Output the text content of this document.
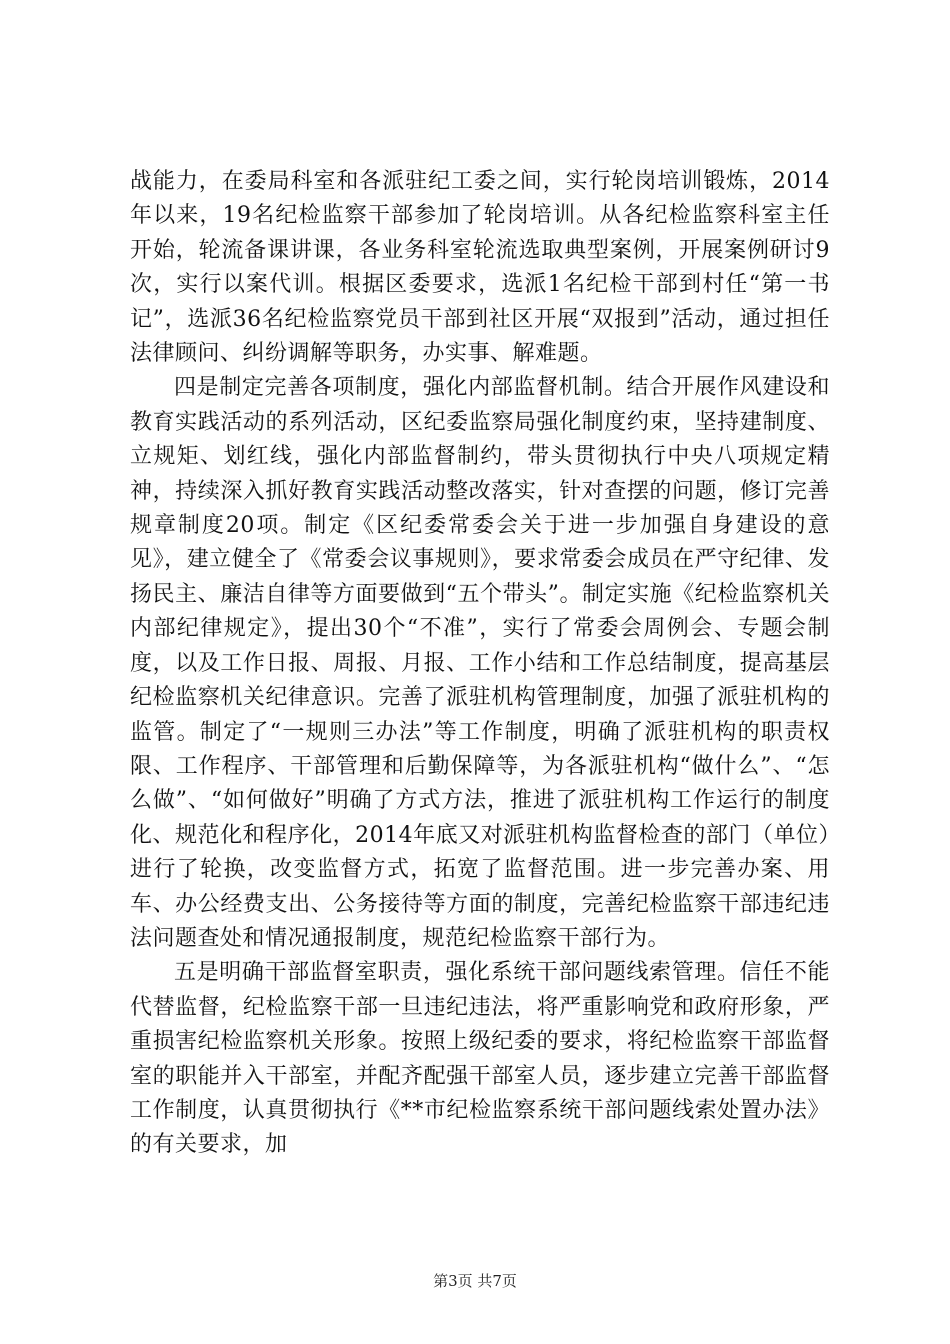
战能力，在委局科室和各派驻纪工委之间，实行轮岗培训锻炼，2014年以来，19名纪检监察干部参加了轮岗培训。从各纪检监察科室主任开始，轮流备课讲课，各业务科室轮流选取典型案例，开展案例研讨9次，实行以案代训。根据区委要求，选派1名纪检干部到村任“第一书记”，选派36名纪检监察党员干部到社区开展“双报到”活动，通过担任法律顾问、纠纷调解等职务，办实事、解难题。

四是制定完善各项制度，强化内部监督机制。结合开展作风建设和教育实践活动的系列活动，区纪委监察局强化制度约束，坚持建制度、立规矩、划红线，强化内部监督制约，带头贯彻执行中央八项规定精神，持续深入抓好教育实践活动整改落实，针对查摆的问题，修订完善规章制度20项。制定《区纪委常委会关于进一步加强自身建设的意见》，建立健全了《常委会议事规则》，要求常委会成员在严守纪律、发扬民主、廉洁自律等方面要做到“五个带头”。制定实施《纪检监察机关内部纪律规定》，提出30个“不准”，实行了常委会周例会、专题会制度，以及工作日报、周报、月报、工作小结和工作总结制度，提高基层纪检监察机关纪律意识。完善了派驻机构管理制度，加强了派驻机构的监管。制定了“一规则三办法”等工作制度，明确了派驻机构的职责权限、工作程序、干部管理和后勤保障等，为各派驻机构“做什么”、“怎么做”、“如何做好”明确了方式方法，推进了派驻机构工作运行的制度化、规范化和程序化，2014年底又对派驻机构监督检查的部门（单位）进行了轮换，改变监督方式，拓宽了监督范围。进一步完善办案、用车、办公经费支出、公务接待等方面的制度，完善纪检监察干部违纪违法问题查处和情况通报制度，规范纪检监察干部行为。

五是明确干部监督室职责，强化系统干部问题线索管理。信任不能代替监督，纪检监察干部一旦违纪违法，将严重影响党和政府形象，严重损害纪检监察机关形象。按照上级纪委的要求，将纪检监察干部监督室的职能并入干部室，并配齐配强干部室人员，逐步建立完善干部监督工作制度，认真贯彻执行《**市纪检监察系统干部问题线索处置办法》的有关要求，加

第3页 共7页
